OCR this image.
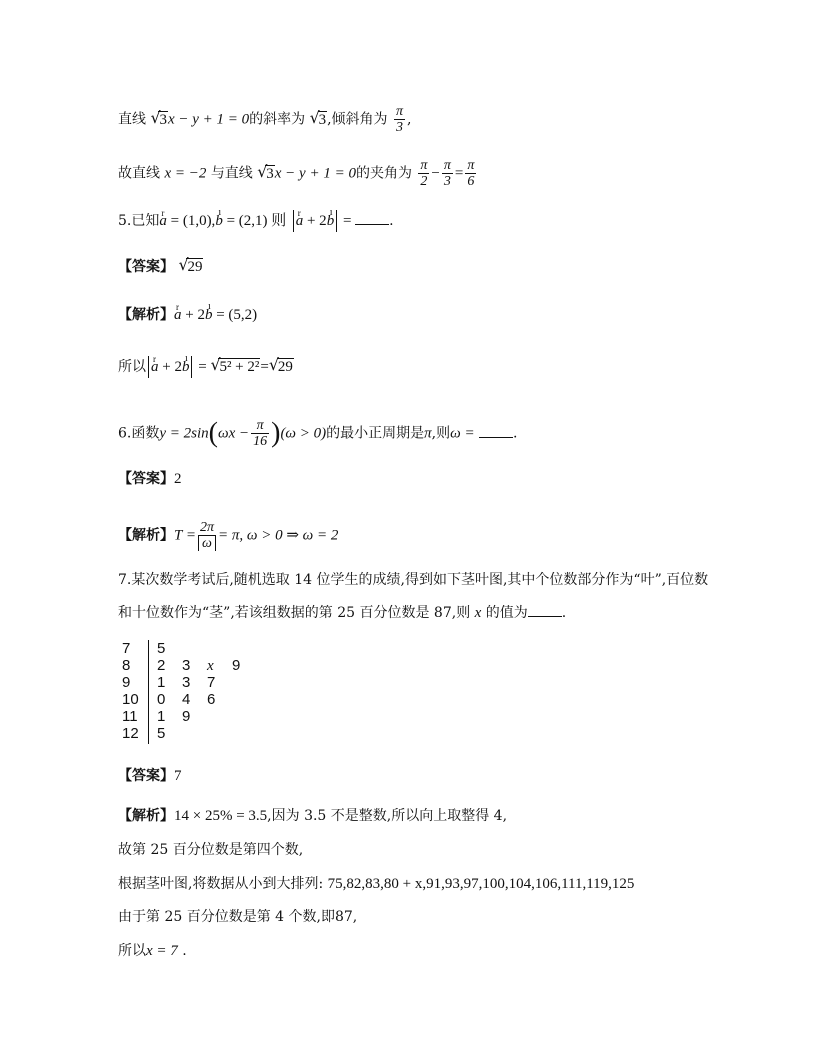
直线 √
3x − y + 1 = 0的斜率为 √
3,倾斜角为 $\frac{\pi}{3}$ ,
故直线 x = −2 与直线 √
3x − y + 1 = 0的夹角为 $\frac{\pi}{2} - \frac{\pi}{3} = \frac{\pi}{6}$
5.已知r a = (1,0),ı b = (2,1) 则 r a + 2ı b = .
【答案】 √
29
【解析】r a + 2ı b = (5,2)
所以 r a + 2ı b = √
5² + 2²= √
29
6.函数$y = 2\sin(\omega x - \frac{\pi}{16} )(\omega > 0)$的最小正周期是π,则ω =	.
【答案】2
【解析】$T = \frac{2\pi}{\omega} = \pi$, ω > 0 ⇒ ω = 2
7.某次数学考试后,随机选取 14 位学生的成绩,得到如下茎叶图,其中个位数部分作为“叶”,百位数
和十位数作为“茎”,若该组数据的第 25 百分位数是 87,则 x 的值为 .
7 5
8 2 3 x 9
9 1 3 7
10 0 4 6
11 1 9
12 5
【答案】7
【解析】14 × 25% = 3.5,因为 3.5 不是整数,所以向上取整得 4,
故第 25 百分位数是第四个数,
根据茎叶图,将数据从小到大排列: 75,82,83,80 + x,91,93,97,100,104,106,111,119,125
由于第 25 百分位数是第 4 个数,即87,
所以x = 7 .
